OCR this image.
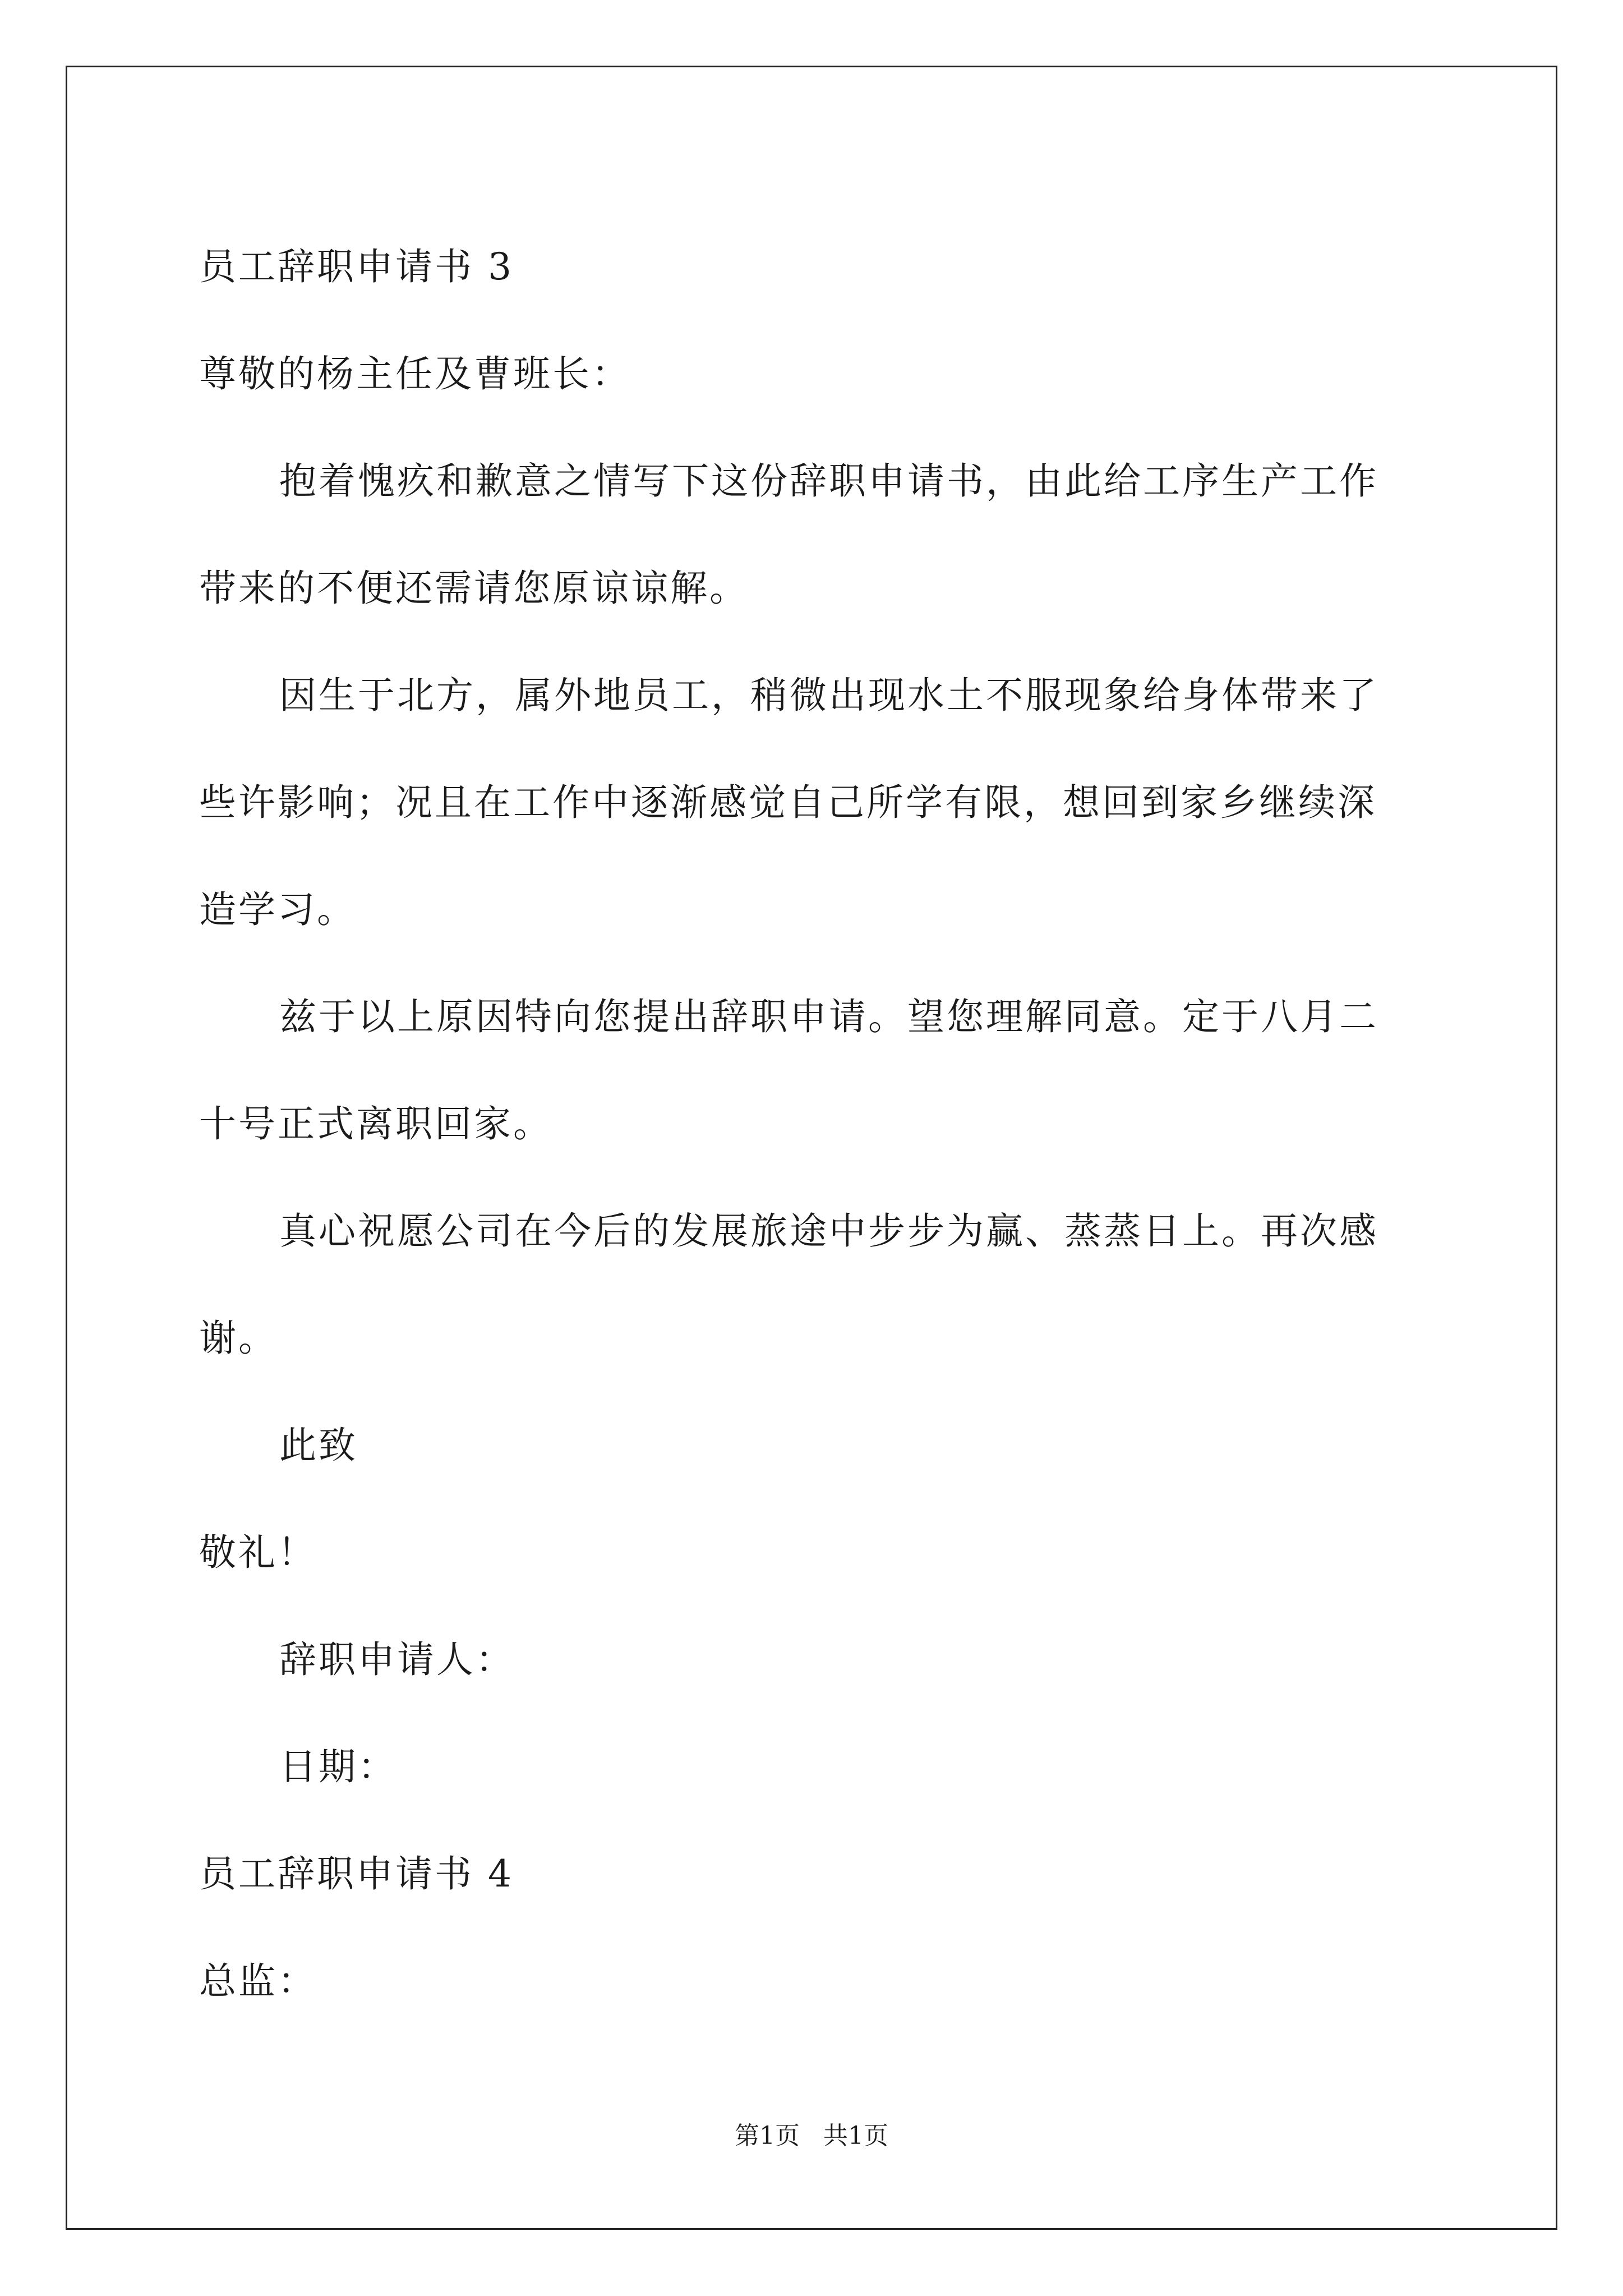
员工辞职申请书 3
尊敬的杨主任及曹班长：
抱着愧疚和歉意之情写下这份辞职申请书，由此给工序生产工作
带来的不便还需请您原谅谅解。
因生于北方，属外地员工，稍微出现水土不服现象给身体带来了
些许影响；况且在工作中逐渐感觉自己所学有限，想回到家乡继续深
造学习。
兹于以上原因特向您提出辞职申请。望您理解同意。定于八月二
十号正式离职回家。
真心祝愿公司在今后的发展旅途中步步为赢、蒸蒸日上。再次感
谢。
此致
敬礼！
辞职申请人：
日期：
员工辞职申请书 4
总监：
第1页   共1页
